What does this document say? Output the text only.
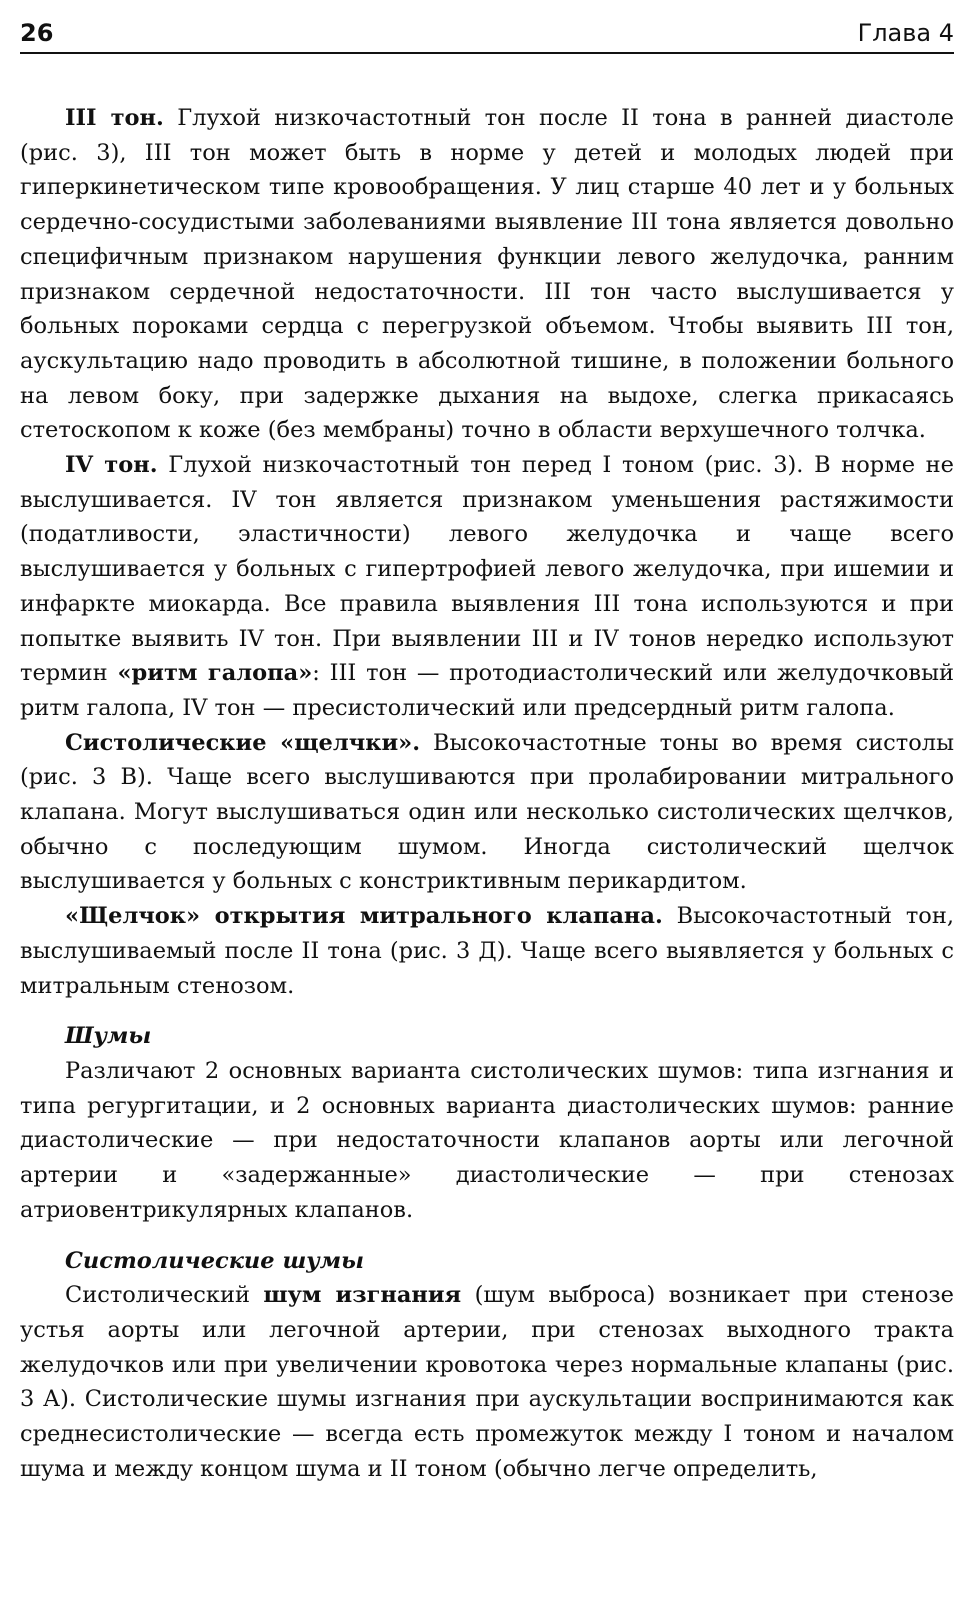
26	Глава 4

III тон. Глухой низкочастотный тон после II тона в ранней диастоле (рис. 3), III тон может быть в норме у детей и молодых людей при гиперкинетическом типе кровообращения. У лиц старше 40 лет и у больных сердечно-сосудистыми заболеваниями выявление III тона является довольно специфичным признаком нарушения функции левого желудочка, ранним признаком сердечной недостаточности. III тон часто выслушивается у больных пороками сердца с перегрузкой объемом. Чтобы выявить III тон, аускультацию надо проводить в абсолютной тишине, в положении больного на левом боку, при задержке дыхания на выдохе, слегка прикасаясь стетоскопом к коже (без мембраны) точно в области верхушечного толчка.

IV тон. Глухой низкочастотный тон перед I тоном (рис. 3). В норме не выслушивается. IV тон является признаком уменьшения растяжимости (податливости, эластичности) левого желудочка и чаще всего выслушивается у больных с гипертрофией левого желудочка, при ишемии и инфаркте миокарда. Все правила выявления III тона используются и при попытке выявить IV тон. При выявлении III и IV тонов нередко используют термин «ритм галопа»: III тон — протодиастолический или желудочковый ритм галопа, IV тон — пресистолический или предсердный ритм галопа.

Систолические «щелчки». Высокочастотные тоны во время систолы (рис. 3 В). Чаще всего выслушиваются при пролабировании митрального клапана. Могут выслушиваться один или несколько систолических щелчков, обычно с последующим шумом. Иногда систолический щелчок выслушивается у больных с констриктивным перикардитом.

«Щелчок» открытия митрального клапана. Высокочастотный тон, выслушиваемый после II тона (рис. 3 Д). Чаще всего выявляется у больных с митральным стенозом.

Шумы

Различают 2 основных варианта систолических шумов: типа изгнания и типа регургитации, и 2 основных варианта диастолических шумов: ранние диастолические — при недостаточности клапанов аорты или легочной артерии и «задержанные» диастолические — при стенозах атриовентрикулярных клапанов.

Систолические шумы

Систолический шум изгнания (шум выброса) возникает при стенозе устья аорты или легочной артерии, при стенозах выходного тракта желудочков или при увеличении кровотока через нормальные клапаны (рис. 3 А). Систолические шумы изгнания при аускультации воспринимаются как среднесистолические — всегда есть промежуток между I тоном и началом шума и между концом шума и II тоном (обычно легче определить,
